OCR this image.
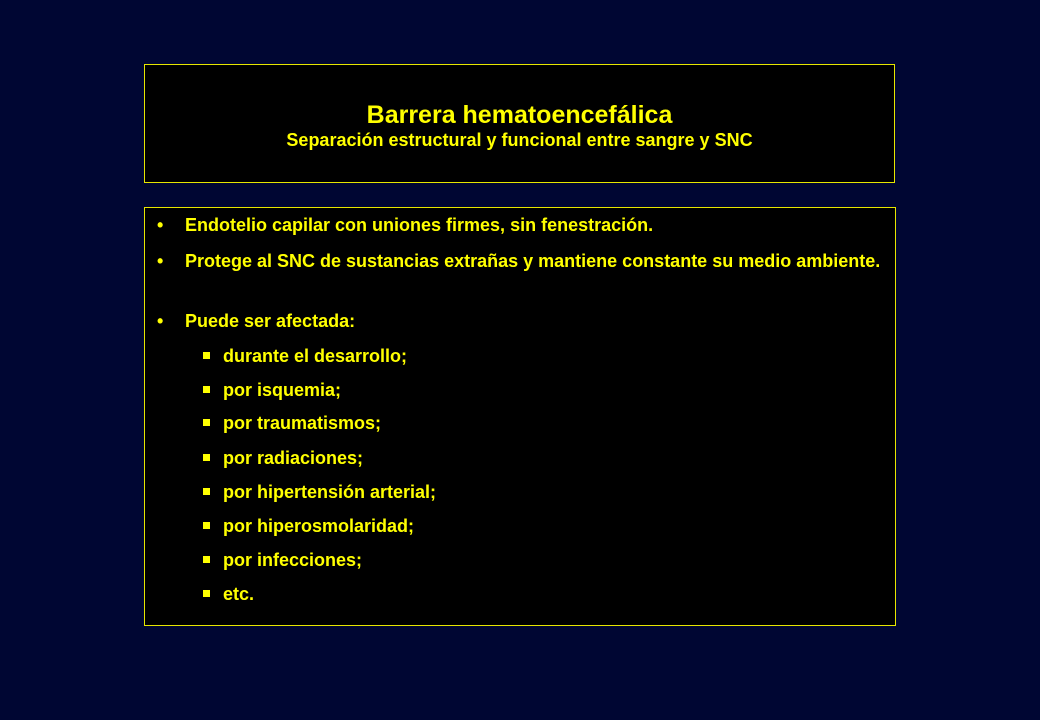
Barrera hematoencefálica
Separación estructural y funcional entre sangre y SNC
• Endotelio capilar con uniones firmes, sin fenestración.
• Protege al SNC de sustancias extrañas y mantiene constante su medio ambiente.
• Puede ser afectada:
durante el desarrollo;
por isquemia;
por traumatismos;
por radiaciones;
por hipertensión arterial;
por hiperosmolaridad;
por infecciones;
etc.
